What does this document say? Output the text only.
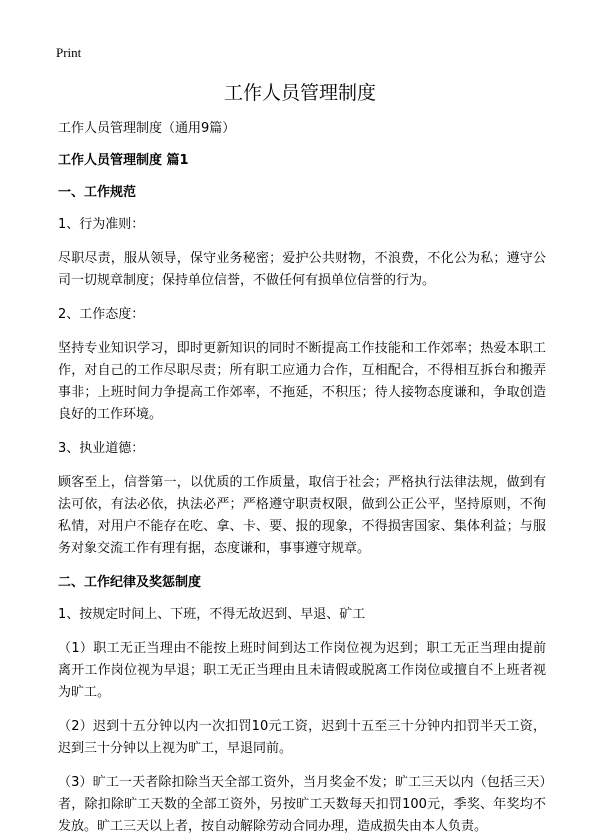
Print
工作人员管理制度

工作人员管理制度（通用9篇）

工作人员管理制度 篇1

一、工作规范

1、行为准则：

尽职尽责，服从领导，保守业务秘密；爱护公共财物，不浪费，不化公为私；遵守公司一切规章制度；保持单位信誉，不做任何有损单位信誉的行为。

2、工作态度：

坚持专业知识学习，即时更新知识的同时不断提高工作技能和工作郊率；热爱本职工作，对自己的工作尽职尽责；所有职工应通力合作，互相配合，不得相互拆台和搬弄事非；上班时间力争提高工作郊率，不拖延，不积压；待人接物态度谦和，争取创造良好的工作环境。

3、执业道德：

顾客至上，信誉第一，以优质的工作质量，取信于社会；严格执行法律法规，做到有法可依，有法必依，执法必严；严格遵守职责权限，做到公正公平，坚持原则，不徇私情，对用户不能存在吃、拿、卡、要、报的现象，不得损害国家、集体利益；与服务对象交流工作有理有据，态度谦和，事事遵守规章。

二、工作纪律及奖惩制度

1、按规定时间上、下班，不得无故迟到、早退、矿工

（1）职工无正当理由不能按上班时间到达工作岗位视为迟到；职工无正当理由提前离开工作岗位视为早退；职工无正当理由且未请假或脱离工作岗位或擅自不上班者视为旷工。

（2）迟到十五分钟以内一次扣罚10元工资，迟到十五至三十分钟内扣罚半天工资，迟到三十分钟以上视为旷工，早退同前。

（3）旷工一天者除扣除当天全部工资外，当月奖金不发；旷工三天以内（包括三天）者，除扣除旷工天数的全部工资外，另按旷工天数每天扣罚100元，季奖、年奖均不发放。旷工三天以上者，按自动解除劳动合同办理，造成损失由本人负责。
